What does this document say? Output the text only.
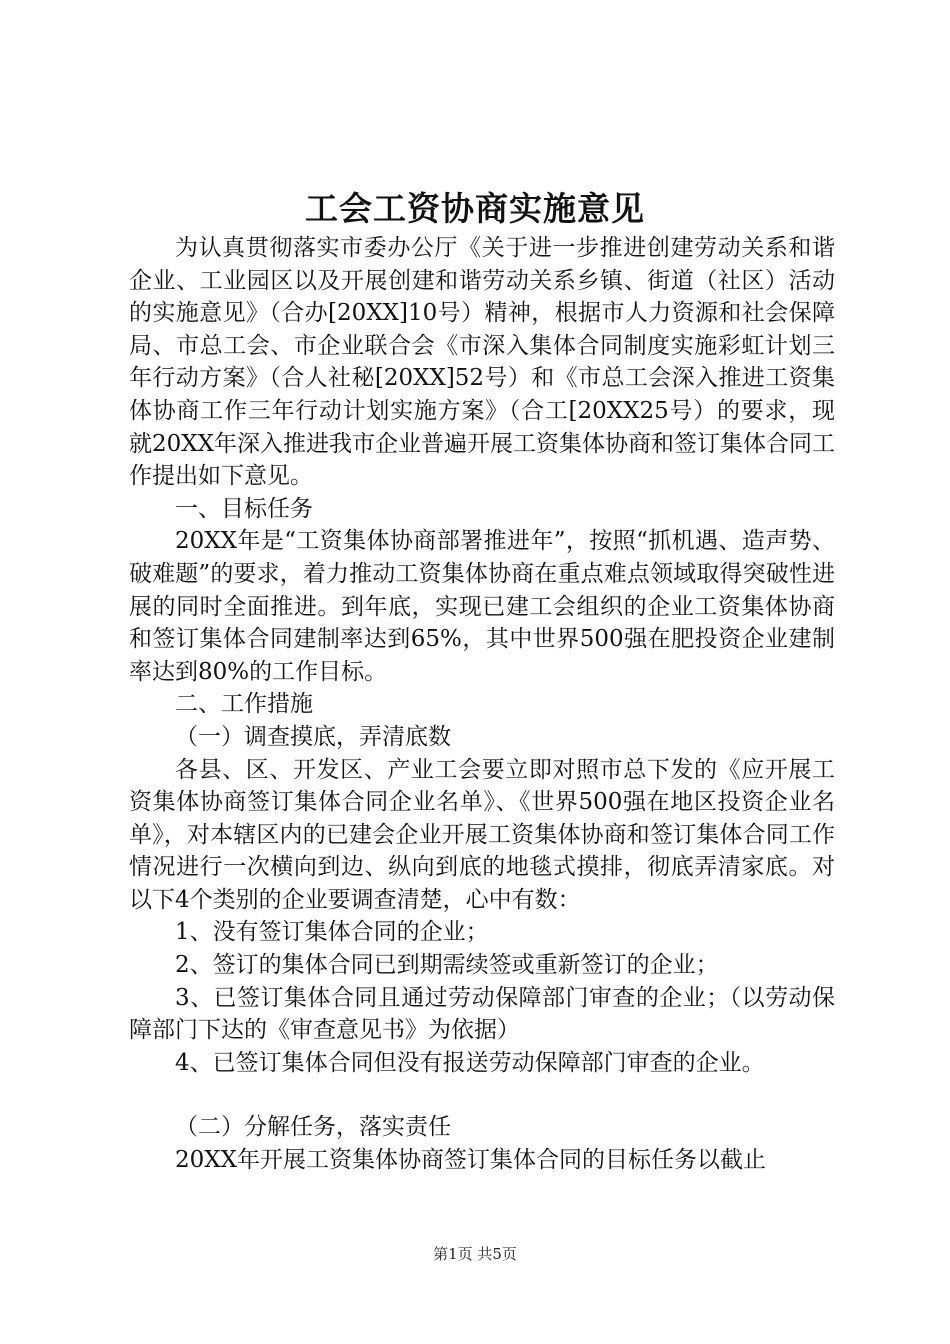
工会工资协商实施意见

为认真贯彻落实市委办公厅《关于进一步推进创建劳动关系和谐企业、工业园区以及开展创建和谐劳动关系乡镇、街道（社区）活动的实施意见》（合办[20XX]10号）精神，根据市人力资源和社会保障局、市总工会、市企业联合会《市深入集体合同制度实施彩虹计划三年行动方案》（合人社秘[20XX]52号）和《市总工会深入推进工资集体协商工作三年行动计划实施方案》（合工[20XX25号）的要求，现就20XX年深入推进我市企业普遍开展工资集体协商和签订集体合同工作提出如下意见。

一、目标任务

20XX年是“工资集体协商部署推进年”，按照“抓机遇、造声势、破难题”的要求，着力推动工资集体协商在重点难点领域取得突破性进展的同时全面推进。到年底，实现已建工会组织的企业工资集体协商和签订集体合同建制率达到65%，其中世界500强在肥投资企业建制率达到80%的工作目标。

二、工作措施

（一）调查摸底，弄清底数

各县、区、开发区、产业工会要立即对照市总下发的《应开展工资集体协商签订集体合同企业名单》、《世界500强在地区投资企业名单》，对本辖区内的已建会企业开展工资集体协商和签订集体合同工作情况进行一次横向到边、纵向到底的地毯式摸排，彻底弄清家底。对以下4个类别的企业要调查清楚，心中有数：

1、没有签订集体合同的企业；

2、签订的集体合同已到期需续签或重新签订的企业；

3、已签订集体合同且通过劳动保障部门审查的企业；（以劳动保障部门下达的《审查意见书》为依据）

4、已签订集体合同但没有报送劳动保障部门审查的企业。

（二）分解任务，落实责任

20XX年开展工资集体协商签订集体合同的目标任务以截止

第1页 共5页
